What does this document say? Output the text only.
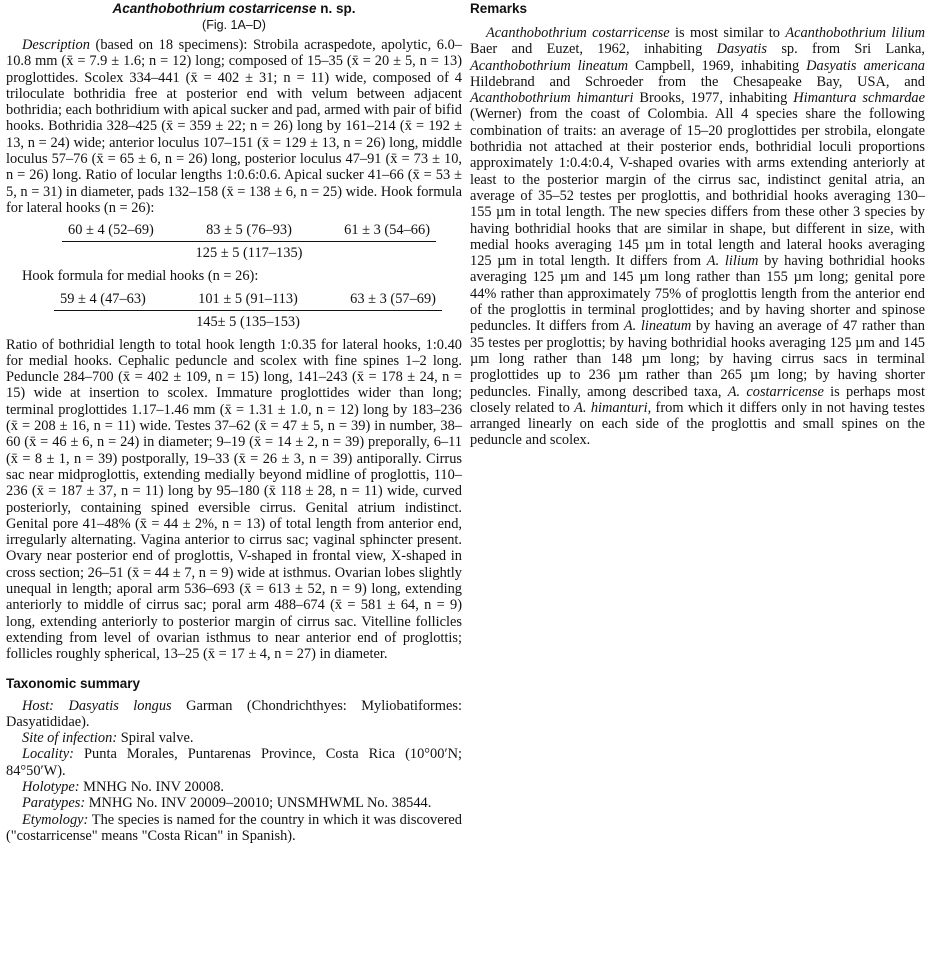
Acanthobothrium costarricense n. sp.
(Fig. 1A–D)

Description (based on 18 specimens): Strobila acraspedote, apolytic, 6.0–10.8 mm (x̄ = 7.9 ± 1.6; n = 12) long; composed of 15–35 (x̄ = 20 ± 5, n = 13) proglottides. Scolex 334–441 (x̄ = 402 ± 31; n = 11) wide, composed of 4 triloculate bothridia free at posterior end with velum between adjacent bothridia; each bothridium with apical sucker and pad, armed with pair of bifid hooks. Bothridia 328–425 (x̄ = 359 ± 22; n = 26) long by 161–214 (x̄ = 192 ± 13, n = 24) wide; anterior loculus 107–151 (x̄ = 129 ± 13, n = 26) long, middle loculus 57–76 (x̄ = 65 ± 6, n = 26) long, posterior loculus 47–91 (x̄ = 73 ± 10, n = 26) long. Ratio of locular lengths 1:0.6:0.6. Apical sucker 41–66 (x̄ = 53 ± 5, n = 31) in diameter, pads 132–158 (x̄ = 138 ± 6, n = 25) wide. Hook formula for lateral hooks (n = 26):

60 ± 4 (52–69)	83 ± 5 (76–93)	61 ± 3 (54–66)
125 ± 5 (117–135)

Hook formula for medial hooks (n = 26):

59 ± 4 (47–63)	101 ± 5 (91–113)	63 ± 3 (57–69)
145± 5 (135–153)

Ratio of bothridial length to total hook length 1:0.35 for lateral hooks, 1:0.40 for medial hooks. Cephalic peduncle and scolex with fine spines 1–2 long. Peduncle 284–700 (x̄ = 402 ± 109, n = 15) long, 141–243 (x̄ = 178 ± 24, n = 15) wide at insertion to scolex. Immature proglottides wider than long; terminal proglottides 1.17–1.46 mm (x̄ = 1.31 ± 1.0, n = 12) long by 183–236 (x̄ = 208 ± 16, n = 11) wide. Testes 37–62 (x̄ = 47 ± 5, n = 39) in number, 38–60 (x̄ = 46 ± 6, n = 24) in diameter; 9–19 (x̄ = 14 ± 2, n = 39) preporally, 6–11 (x̄ = 8 ± 1, n = 39) postporally, 19–33 (x̄ = 26 ± 3, n = 39) antiporally. Cirrus sac near midproglottis, extending medially beyond midline of proglottis, 110–236 (x̄ = 187 ± 37, n = 11) long by 95–180 (x̄ 118 ± 28, n = 11) wide, curved posteriorly, containing spined eversible cirrus. Genital atrium indistinct. Genital pore 41–48% (x̄ = 44 ± 2%, n = 13) of total length from anterior end, irregularly alternating. Vagina anterior to cirrus sac; vaginal sphincter present. Ovary near posterior end of proglottis, V-shaped in frontal view, X-shaped in cross section; 26–51 (x̄ = 44 ± 7, n = 9) wide at isthmus. Ovarian lobes slightly unequal in length; aporal arm 536–693 (x̄ = 613 ± 52, n = 9) long, extending anteriorly to middle of cirrus sac; poral arm 488–674 (x̄ = 581 ± 64, n = 9) long, extending anteriorly to posterior margin of cirrus sac. Vitelline follicles extending from level of ovarian isthmus to near anterior end of proglottis; follicles roughly spherical, 13–25 (x̄ = 17 ± 4, n = 27) in diameter.

Taxonomic summary

Host: Dasyatis longus Garman (Chondrichthyes: Myliobatiformes: Dasyatididae).

Site of infection: Spiral valve.

Locality: Punta Morales, Puntarenas Province, Costa Rica (10°00′N; 84°50′W).

Holotype: MNHG No. INV 20008.

Paratypes: MNHG No. INV 20009–20010; UNSMHWML No. 38544.

Etymology: The species is named for the country in which it was discovered ("costarricense" means "Costa Rican" in Spanish).

Remarks

Acanthobothrium costarricense is most similar to Acanthobothrium lilium Baer and Euzet, 1962, inhabiting Dasyatis sp. from Sri Lanka, Acanthobothrium lineatum Campbell, 1969, inhabiting Dasyatis americana Hildebrand and Schroeder from the Chesapeake Bay, USA, and Acanthobothrium himanturi Brooks, 1977, inhabiting Himantura schmardae (Werner) from the coast of Colombia. All 4 species share the following combination of traits: an average of 15–20 proglottides per strobila, elongate bothridia not attached at their posterior ends, bothridial loculi proportions approximately 1:0.4:0.4, V-shaped ovaries with arms extending anteriorly at least to the posterior margin of the cirrus sac, indistinct genital atria, an average of 35–52 testes per proglottis, and bothridial hooks averaging 130–155 µm in total length. The new species differs from these other 3 species by having bothridial hooks that are similar in shape, but different in size, with medial hooks averaging 145 µm in total length and lateral hooks averaging 125 µm in total length. It differs from A. lilium by having bothridial hooks averaging 125 µm and 145 µm long rather than 155 µm long; genital pore 44% rather than approximately 75% of proglottis length from the anterior end of the proglottis in terminal proglottides; and by having shorter and spinose peduncles. It differs from A. lineatum by having an average of 47 rather than 35 testes per proglottis; by having bothridial hooks averaging 125 µm and 145 µm long rather than 148 µm long; by having cirrus sacs in terminal proglottides up to 236 µm rather than 265 µm long; by having shorter peduncles. Finally, among described taxa, A. costarricense is perhaps most closely related to A. himanturi, from which it differs only in not having testes arranged linearly on each side of the proglottis and small spines on the peduncle and scolex.
